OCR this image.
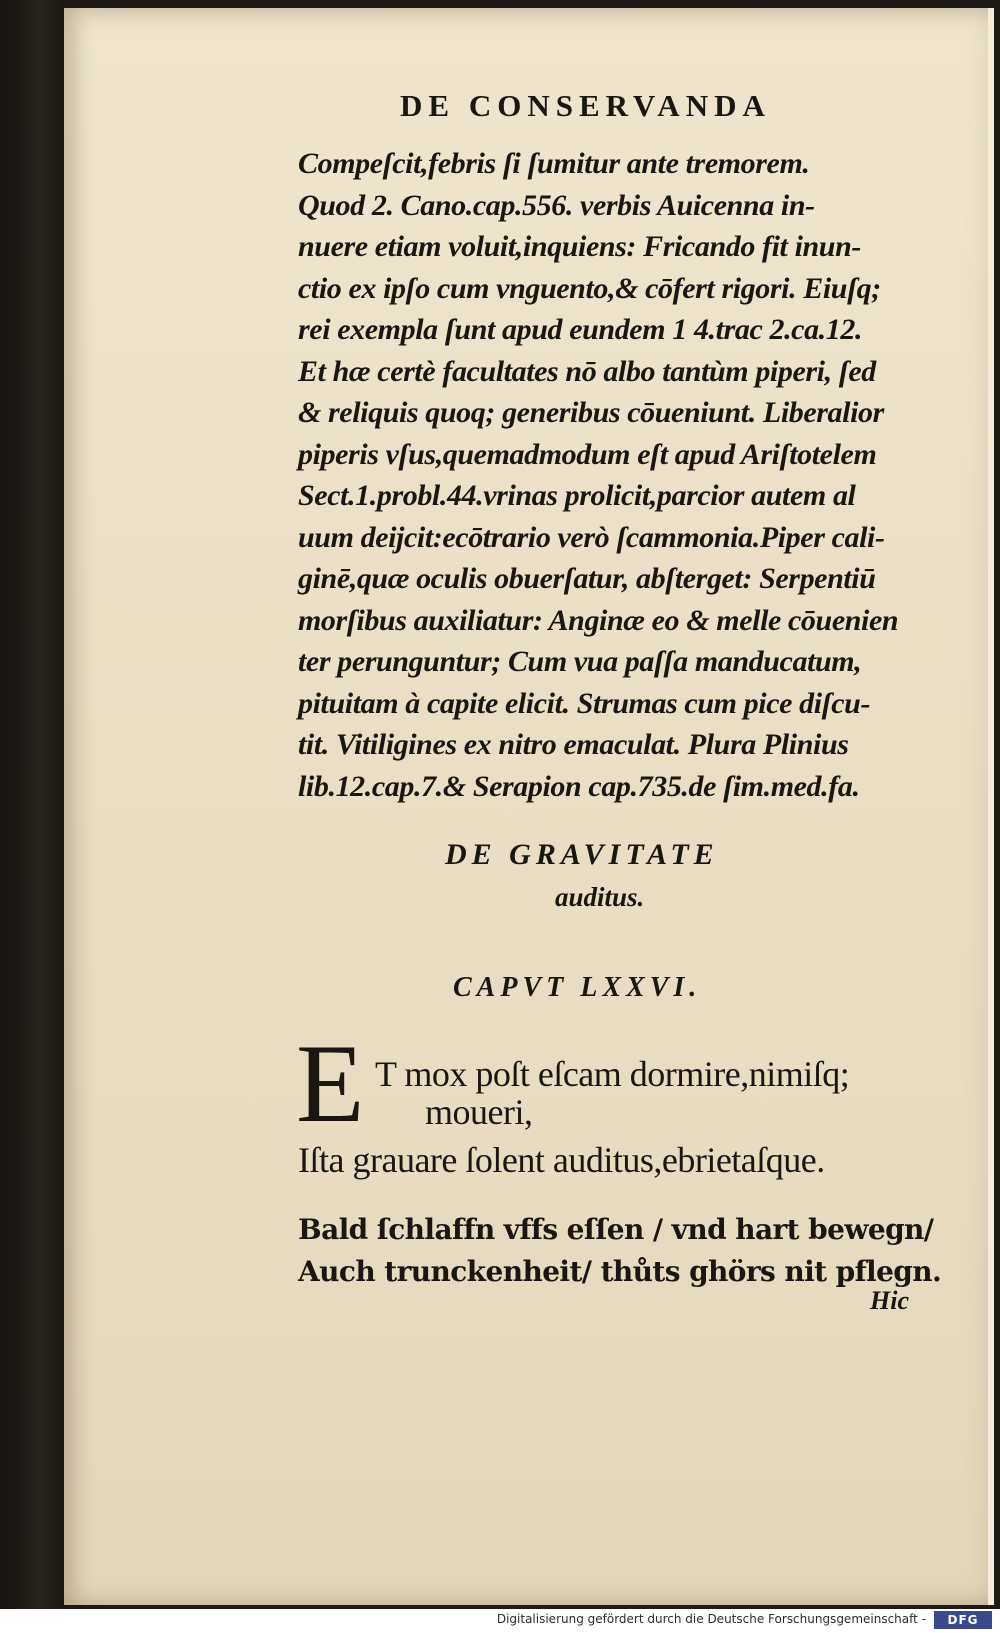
DE CONSERVANDA
Compeſcit,febris ſi ſumitur ante tremorem.
Quod 2. Cano.cap.556. verbis Auicenna in-
nuere etiam voluit,inquiens: Fricando fit inun-
ctio ex ipſo cum vnguento,& cōfert rigori. Eiuſq;
rei exempla ſunt apud eundem 1 4.trac 2.ca.12.
Et hæ certè facultates nō albo tantùm piperi, ſed
& reliquis quoq; generibus cōueniunt. Liberalior
piperis vſus,quemadmodum eſt apud Ariſtotelem
Sect.1.probl.44.vrinas prolicit,parcior autem al
uum deijcit:ecōtrario verò ſcammonia.Piper cali-
ginē,quæ oculis obuerſatur, abſterget: Serpentiū
morſibus auxiliatur: Anginæ eo & melle cōuenien
ter perunguntur; Cum vua paſſa manducatum,
pituitam à capite elicit. Strumas cum pice diſcu-
tit. Vitiligines ex nitro emaculat. Plura Plinius
lib.12.cap.7.& Serapion cap.735.de ſim.med.fa.
DE GRAVITATE
auditus.
CAPVT LXXVI.
E T mox poſt eſcam dormire,nimiſq;
moueri,
Iſta grauare ſolent auditus,ebrietaſque.
Bald ſchlaffn vffs eſſen / vnd hart bewegn/
Auch trunckenheit/ thůts ghörs nit pflegn.
Hic
Digitalisierung gefördert durch die Deutsche Forschungsgemeinschaft -	DFG
